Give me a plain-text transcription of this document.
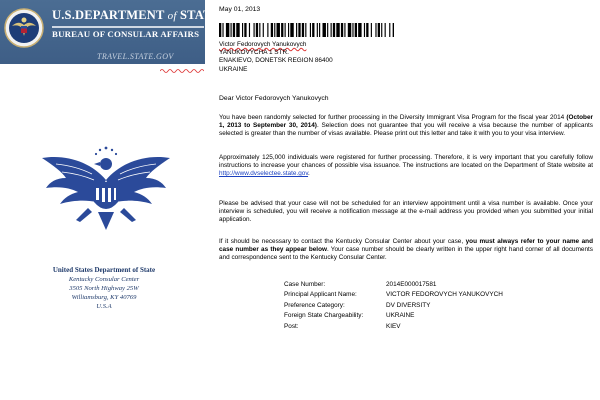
U.S.DEPARTMENT of STATE
BUREAU OF CONSULAR AFFAIRS
TRAVEL.STATE.GOV
United States Department of State
Kentucky Consular Center
3505 North Highway 25W
Williamsburg, KY 40769
U.S.A
May 01, 2013
Victor Fedorovych Yanukovych
YANUKOVYCHA 1 STR.
ENAKIEVO, DONETSK REGION 86400
UKRAINE
Dear Victor Fedorovych Yanukovych
You have been randomly selected for further processing in the Diversity Immigrant Visa Program for the fiscal year 2014 (October 1, 2013 to September 30, 2014). Selection does not guarantee that you will receive a visa because the number of applicants selected is greater than the number of visas available. Please print out this letter and take it with you to your visa interview.
Approximately 125,000 individuals were registered for further processing. Therefore, it is very important that you carefully follow instructions to increase your chances of possible visa issuance. The instructions are located on the Department of State website at http://www.dvselectee.state.gov.
Please be advised that your case will not be scheduled for an interview appointment until a visa number is available. Once your interview is scheduled, you will receive a notification message at the e-mail address you provided when you submitted your initial application.
If it should be necessary to contact the Kentucky Consular Center about your case, you must always refer to your name and case number as they appear below. Your case number should be clearly written in the upper right hand corner of all documents and correspondence sent to the Kentucky Consular Center.
Case Number:	2014E000017581
Principal Applicant Name:	VICTOR FEDOROVYCH YANUKOVYCH
Preference Category:	DV DIVERSITY
Foreign State Chargeability:	UKRAINE
Post:	KIEV
